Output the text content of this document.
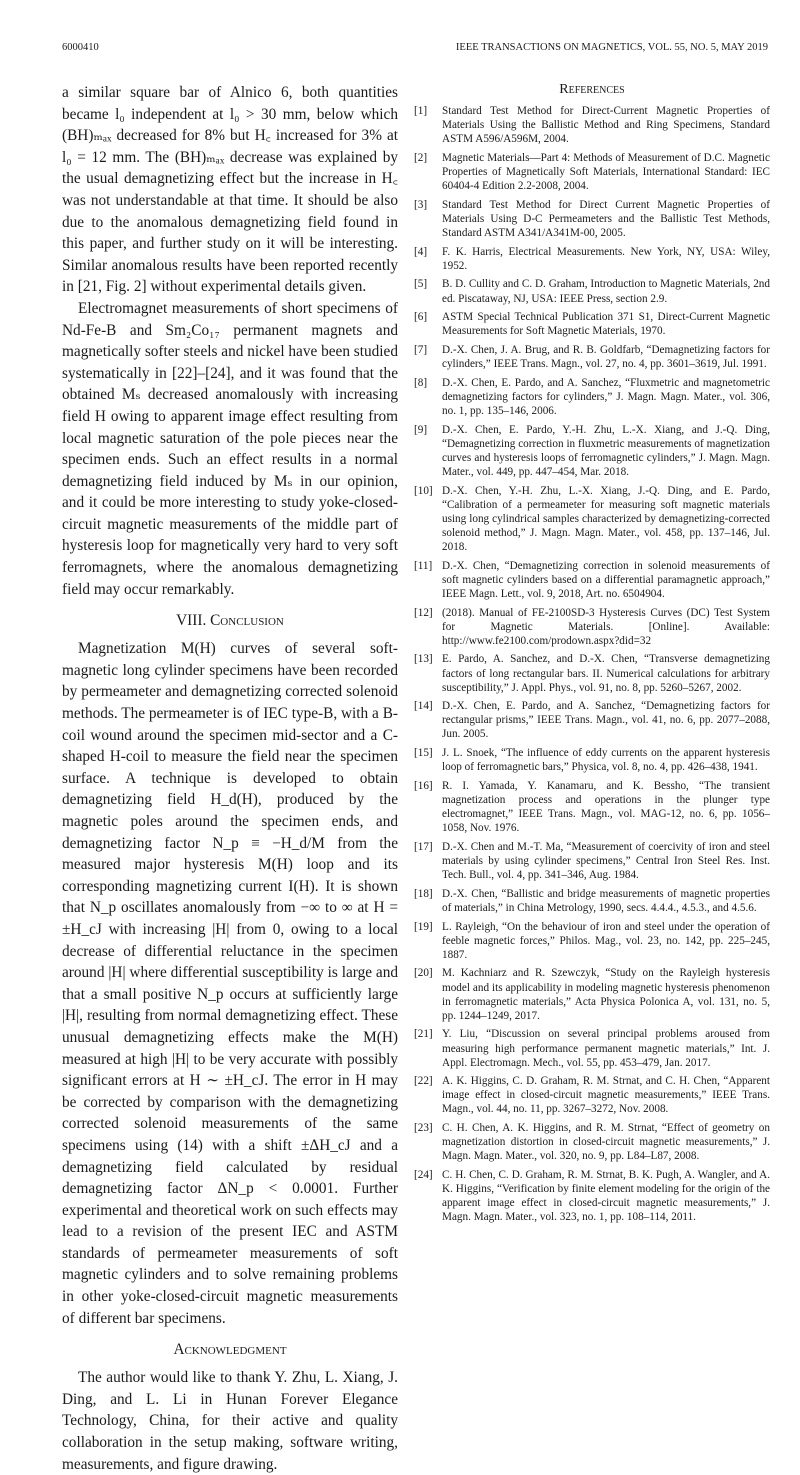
6000410	IEEE TRANSACTIONS ON MAGNETICS, VOL. 55, NO. 5, MAY 2019

a similar square bar of Alnico 6, both quantities became l₀ independent at l₀ > 30 mm, below which (BH)ₘₐₓ decreased for 8% but H꜀ increased for 3% at l₀ = 12 mm. The (BH)ₘₐₓ decrease was explained by the usual demagnetizing effect but the increase in H꜀ was not understandable at that time. It should be also due to the anomalous demagnetizing field found in this paper, and further study on it will be interesting. Similar anomalous results have been reported recently in [21, Fig. 2] without experimental details given.

Electromagnet measurements of short specimens of Nd-Fe-B and Sm₂Co₁₇ permanent magnets and magnetically softer steels and nickel have been studied systematically in [22]–[24], and it was found that the obtained Mₛ decreased anomalously with increasing field H owing to apparent image effect resulting from local magnetic saturation of the pole pieces near the specimen ends. Such an effect results in a normal demagnetizing field induced by Mₛ in our opinion, and it could be more interesting to study yoke-closed-circuit magnetic measurements of the middle part of hysteresis loop for magnetically very hard to very soft ferromagnets, where the anomalous demagnetizing field may occur remarkably.

VIII. Conclusion

Magnetization M(H) curves of several soft-magnetic long cylinder specimens have been recorded by permeameter and demagnetizing corrected solenoid methods. The permeameter is of IEC type-B, with a B-coil wound around the specimen mid-sector and a C-shaped H-coil to measure the field near the specimen surface. A technique is developed to obtain demagnetizing field H_d(H), produced by the magnetic poles around the specimen ends, and demagnetizing factor N_p ≡ −H_d/M from the measured major hysteresis M(H) loop and its corresponding magnetizing current I(H). It is shown that N_p oscillates anomalously from −∞ to ∞ at H = ±H_cJ with increasing |H| from 0, owing to a local decrease of differential reluctance in the specimen around |H| where differential susceptibility is large and that a small positive N_p occurs at sufficiently large |H|, resulting from normal demagnetizing effect. These unusual demagnetizing effects make the M(H) measured at high |H| to be very accurate with possibly significant errors at H ∼ ±H_cJ. The error in H may be corrected by comparison with the demagnetizing corrected solenoid measurements of the same specimens using (14) with a shift ±ΔH_cJ and a demagnetizing field calculated by residual demagnetizing factor ΔN_p < 0.0001. Further experimental and theoretical work on such effects may lead to a revision of the present IEC and ASTM standards of permeameter measurements of soft magnetic cylinders and to solve remaining problems in other yoke-closed-circuit magnetic measurements of different bar specimens.

Acknowledgment

The author would like to thank Y. Zhu, L. Xiang, J. Ding, and L. Li in Hunan Forever Elegance Technology, China, for their active and quality collaboration in the setup making, software writing, measurements, and figure drawing.

References
[1]	Standard Test Method for Direct-Current Magnetic Properties of Materials Using the Ballistic Method and Ring Specimens, Standard ASTM A596/A596M, 2004.
[2]	Magnetic Materials—Part 4: Methods of Measurement of D.C. Magnetic Properties of Magnetically Soft Materials, International Standard: IEC 60404-4 Edition 2.2-2008, 2004.
[3]	Standard Test Method for Direct Current Magnetic Properties of Materials Using D-C Permeameters and the Ballistic Test Methods, Standard ASTM A341/A341M-00, 2005.
[4]	F. K. Harris, Electrical Measurements. New York, NY, USA: Wiley, 1952.
[5]	B. D. Cullity and C. D. Graham, Introduction to Magnetic Materials, 2nd ed. Piscataway, NJ, USA: IEEE Press, section 2.9.
[6]	ASTM Special Technical Publication 371 S1, Direct-Current Magnetic Measurements for Soft Magnetic Materials, 1970.
[7]	D.-X. Chen, J. A. Brug, and R. B. Goldfarb, “Demagnetizing factors for cylinders,” IEEE Trans. Magn., vol. 27, no. 4, pp. 3601–3619, Jul. 1991.
[8]	D.-X. Chen, E. Pardo, and A. Sanchez, “Fluxmetric and magnetometric demagnetizing factors for cylinders,” J. Magn. Magn. Mater., vol. 306, no. 1, pp. 135–146, 2006.
[9]	D.-X. Chen, E. Pardo, Y.-H. Zhu, L.-X. Xiang, and J.-Q. Ding, “Demagnetizing correction in fluxmetric measurements of magnetization curves and hysteresis loops of ferromagnetic cylinders,” J. Magn. Magn. Mater., vol. 449, pp. 447–454, Mar. 2018.
[10] D.-X. Chen, Y.-H. Zhu, L.-X. Xiang, J.-Q. Ding, and E. Pardo, “Calibration of a permeameter for measuring soft magnetic materials using long cylindrical samples characterized by demagnetizing-corrected solenoid method,” J. Magn. Magn. Mater., vol. 458, pp. 137–146, Jul. 2018.
[11] D.-X. Chen, “Demagnetizing correction in solenoid measurements of soft magnetic cylinders based on a differential paramagnetic approach,” IEEE Magn. Lett., vol. 9, 2018, Art. no. 6504904.
[12] (2018). Manual of FE-2100SD-3 Hysteresis Curves (DC) Test System for Magnetic Materials. [Online]. Available: http://www.fe2100.com/prodown.aspx?did=32
[13] E. Pardo, A. Sanchez, and D.-X. Chen, “Transverse demagnetizing factors of long rectangular bars. II. Numerical calculations for arbitrary susceptibility,” J. Appl. Phys., vol. 91, no. 8, pp. 5260–5267, 2002.
[14] D.-X. Chen, E. Pardo, and A. Sanchez, “Demagnetizing factors for rectangular prisms,” IEEE Trans. Magn., vol. 41, no. 6, pp. 2077–2088, Jun. 2005.
[15] J. L. Snoek, “The influence of eddy currents on the apparent hysteresis loop of ferromagnetic bars,” Physica, vol. 8, no. 4, pp. 426–438, 1941.
[16] R. I. Yamada, Y. Kanamaru, and K. Bessho, “The transient magnetization process and operations in the plunger type electromagnet,” IEEE Trans. Magn., vol. MAG-12, no. 6, pp. 1056–1058, Nov. 1976.
[17] D.-X. Chen and M.-T. Ma, “Measurement of coercivity of iron and steel materials by using cylinder specimens,” Central Iron Steel Res. Inst. Tech. Bull., vol. 4, pp. 341–346, Aug. 1984.
[18] D.-X. Chen, “Ballistic and bridge measurements of magnetic properties of materials,” in China Metrology, 1990, secs. 4.4.4., 4.5.3., and 4.5.6.
[19] L. Rayleigh, “On the behaviour of iron and steel under the operation of feeble magnetic forces,” Philos. Mag., vol. 23, no. 142, pp. 225–245, 1887.
[20] M. Kachniarz and R. Szewczyk, “Study on the Rayleigh hysteresis model and its applicability in modeling magnetic hysteresis phenomenon in ferromagnetic materials,” Acta Physica Polonica A, vol. 131, no. 5, pp. 1244–1249, 2017.
[21] Y. Liu, “Discussion on several principal problems aroused from measuring high performance permanent magnetic materials,” Int. J. Appl. Electromagn. Mech., vol. 55, pp. 453–479, Jan. 2017.
[22] A. K. Higgins, C. D. Graham, R. M. Strnat, and C. H. Chen, “Apparent image effect in closed-circuit magnetic measurements,” IEEE Trans. Magn., vol. 44, no. 11, pp. 3267–3272, Nov. 2008.
[23] C. H. Chen, A. K. Higgins, and R. M. Strnat, “Effect of geometry on magnetization distortion in closed-circuit magnetic measurements,” J. Magn. Magn. Mater., vol. 320, no. 9, pp. L84–L87, 2008.
[24] C. H. Chen, C. D. Graham, R. M. Strnat, B. K. Pugh, A. Wangler, and A. K. Higgins, “Verification by finite element modeling for the origin of the apparent image effect in closed-circuit magnetic measurements,” J. Magn. Magn. Mater., vol. 323, no. 1, pp. 108–114, 2011.
